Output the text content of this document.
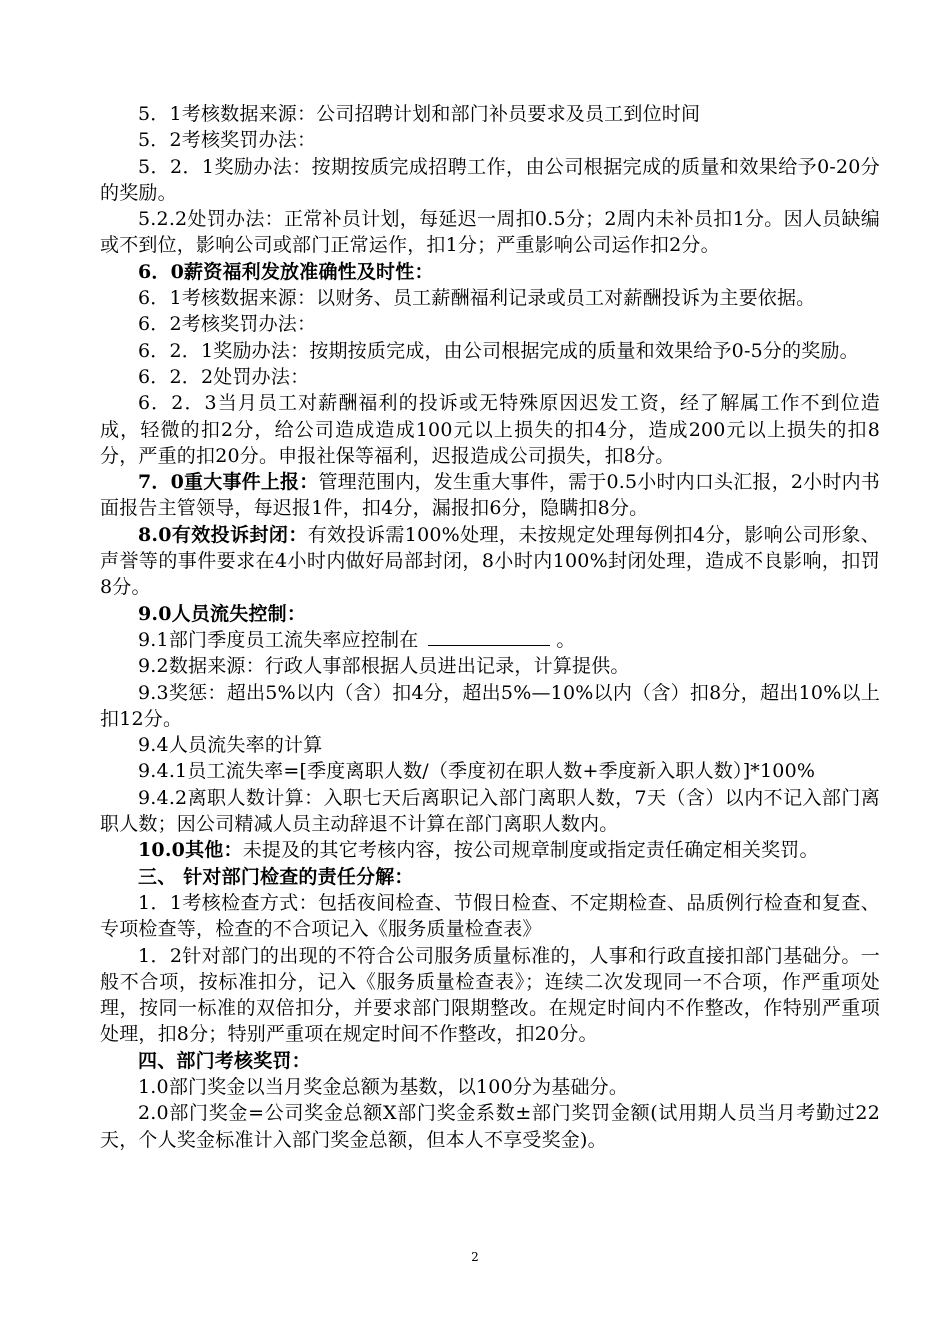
5．1考核数据来源：公司招聘计划和部门补员要求及员工到位时间

5．2考核奖罚办法：

5．2．1奖励办法：按期按质完成招聘工作，由公司根据完成的质量和效果给予0-20分的奖励。

5.2.2处罚办法：正常补员计划，每延迟一周扣0.5分；2周内未补员扣1分。因人员缺编或不到位，影响公司或部门正常运作，扣1分；严重影响公司运作扣2分。

6．0薪资福利发放准确性及时性：

6．1考核数据来源：以财务、员工薪酬福利记录或员工对薪酬投诉为主要依据。

6．2考核奖罚办法：

6．2．1奖励办法：按期按质完成，由公司根据完成的质量和效果给予0-5分的奖励。

6．2．2处罚办法：

6．2．3当月员工对薪酬福利的投诉或无特殊原因迟发工资，经了解属工作不到位造成，轻微的扣2分，给公司造成造成100元以上损失的扣4分，造成200元以上损失的扣8分，严重的扣20分。申报社保等福利，迟报造成公司损失，扣8分。

7．0重大事件上报：管理范围内，发生重大事件，需于0.5小时内口头汇报，2小时内书面报告主管领导，每迟报1件，扣4分，漏报扣6分，隐瞒扣8分。

8.0有效投诉封闭：有效投诉需100%处理，未按规定处理每例扣4分，影响公司形象、声誉等的事件要求在4小时内做好局部封闭，8小时内100%封闭处理，造成不良影响，扣罚8分。

9.0人员流失控制：

9.1部门季度员工流失率应控制在	。

9.2数据来源：行政人事部根据人员进出记录，计算提供。

9.3奖惩：超出5%以内（含）扣4分，超出5%—10%以内（含）扣8分，超出10%以上扣12分。

9.4人员流失率的计算

9.4.1员工流失率=[季度离职人数/（季度初在职人数+季度新入职人数）]*100%

9.4.2离职人数计算：入职七天后离职记入部门离职人数，7天（含）以内不记入部门离职人数；因公司精减人员主动辞退不计算在部门离职人数内。

10.0其他：未提及的其它考核内容，按公司规章制度或指定责任确定相关奖罚。

三、 针对部门检查的责任分解：

1．1考核检查方式：包括夜间检查、节假日检查、不定期检查、品质例行检查和复查、专项检查等，检查的不合项记入《服务质量检查表》

1．2针对部门的出现的不符合公司服务质量标准的，人事和行政直接扣部门基础分。一般不合项，按标准扣分，记入《服务质量检查表》；连续二次发现同一不合项，作严重项处理，按同一标准的双倍扣分，并要求部门限期整改。在规定时间内不作整改，作特别严重项处理，扣8分；特别严重项在规定时间不作整改，扣20分。

四、部门考核奖罚：

1.0部门奖金以当月奖金总额为基数，以100分为基础分。

2.0部门奖金=公司奖金总额X部门奖金系数±部门奖罚金额(试用期人员当月考勤过22天，个人奖金标准计入部门奖金总额，但本人不享受奖金)。

2
